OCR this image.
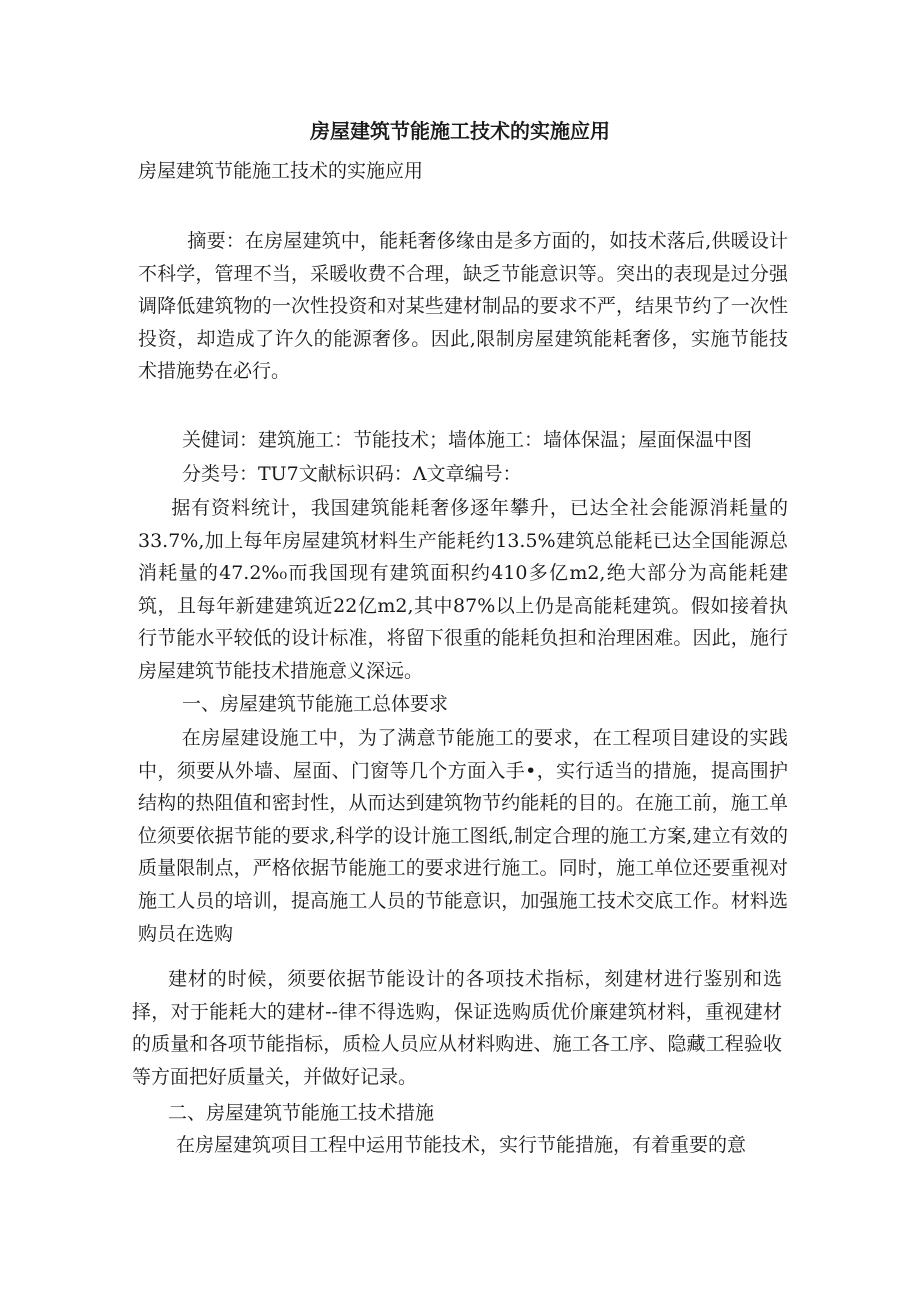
房屋建筑节能施工技术的实施应用

房屋建筑节能施工技术的实施应用

摘要：在房屋建筑中，能耗奢侈缘由是多方面的，如技术落后,供暖设计不科学，管理不当，采暖收费不合理，缺乏节能意识等。突出的表现是过分强调降低建筑物的一次性投资和对某些建材制品的要求不严，结果节约了一次性投资，却造成了许久的能源奢侈。因此,限制房屋建筑能耗奢侈，实施节能技术措施势在必行。

关健词：建筑施工：节能技术；墙体施工：墙体保温；屋面保温中图

分类号：TU7文献标识码：Λ文章编号：

据有资料统计，我国建筑能耗奢侈逐年攀升，已达全社会能源消耗量的33.7%,加上每年房屋建筑材料生产能耗约13.5%建筑总能耗已达全国能源总消耗量的47.2%₀而我国现有建筑面积约410多亿m2,绝大部分为高能耗建筑，且每年新建建筑近22亿m2,其中87%以上仍是高能耗建筑。假如接着执行节能水平较低的设计标准，将留下很重的能耗负担和治理困难。因此，施行房屋建筑节能技术措施意义深远。

一、房屋建筑节能施工总体要求

在房屋建设施工中，为了满意节能施工的要求，在工程项目建设的实践中，须要从外墙、屋面、门窗等几个方面入手•，实行适当的措施，提高围护结构的热阻值和密封性，从而达到建筑物节约能耗的目的。在施工前，施工单位须要依据节能的要求,科学的设计施工图纸,制定合理的施工方案,建立有效的质量限制点，严格依据节能施工的要求进行施工。同时，施工单位还要重视对施工人员的培训，提高施工人员的节能意识，加强施工技术交底工作。材料选购员在选购

建材的时候，须要依据节能设计的各项技术指标，刻建材进行鉴别和选择，对于能耗大的建材--律不得选购，保证选购质优价廉建筑材料，重视建材的质量和各项节能指标，质检人员应从材料购进、施工各工序、隐藏工程验收等方面把好质量关，并做好记录。

二、房屋建筑节能施工技术措施

在房屋建筑项目工程中运用节能技术，实行节能措施，有着重要的意
